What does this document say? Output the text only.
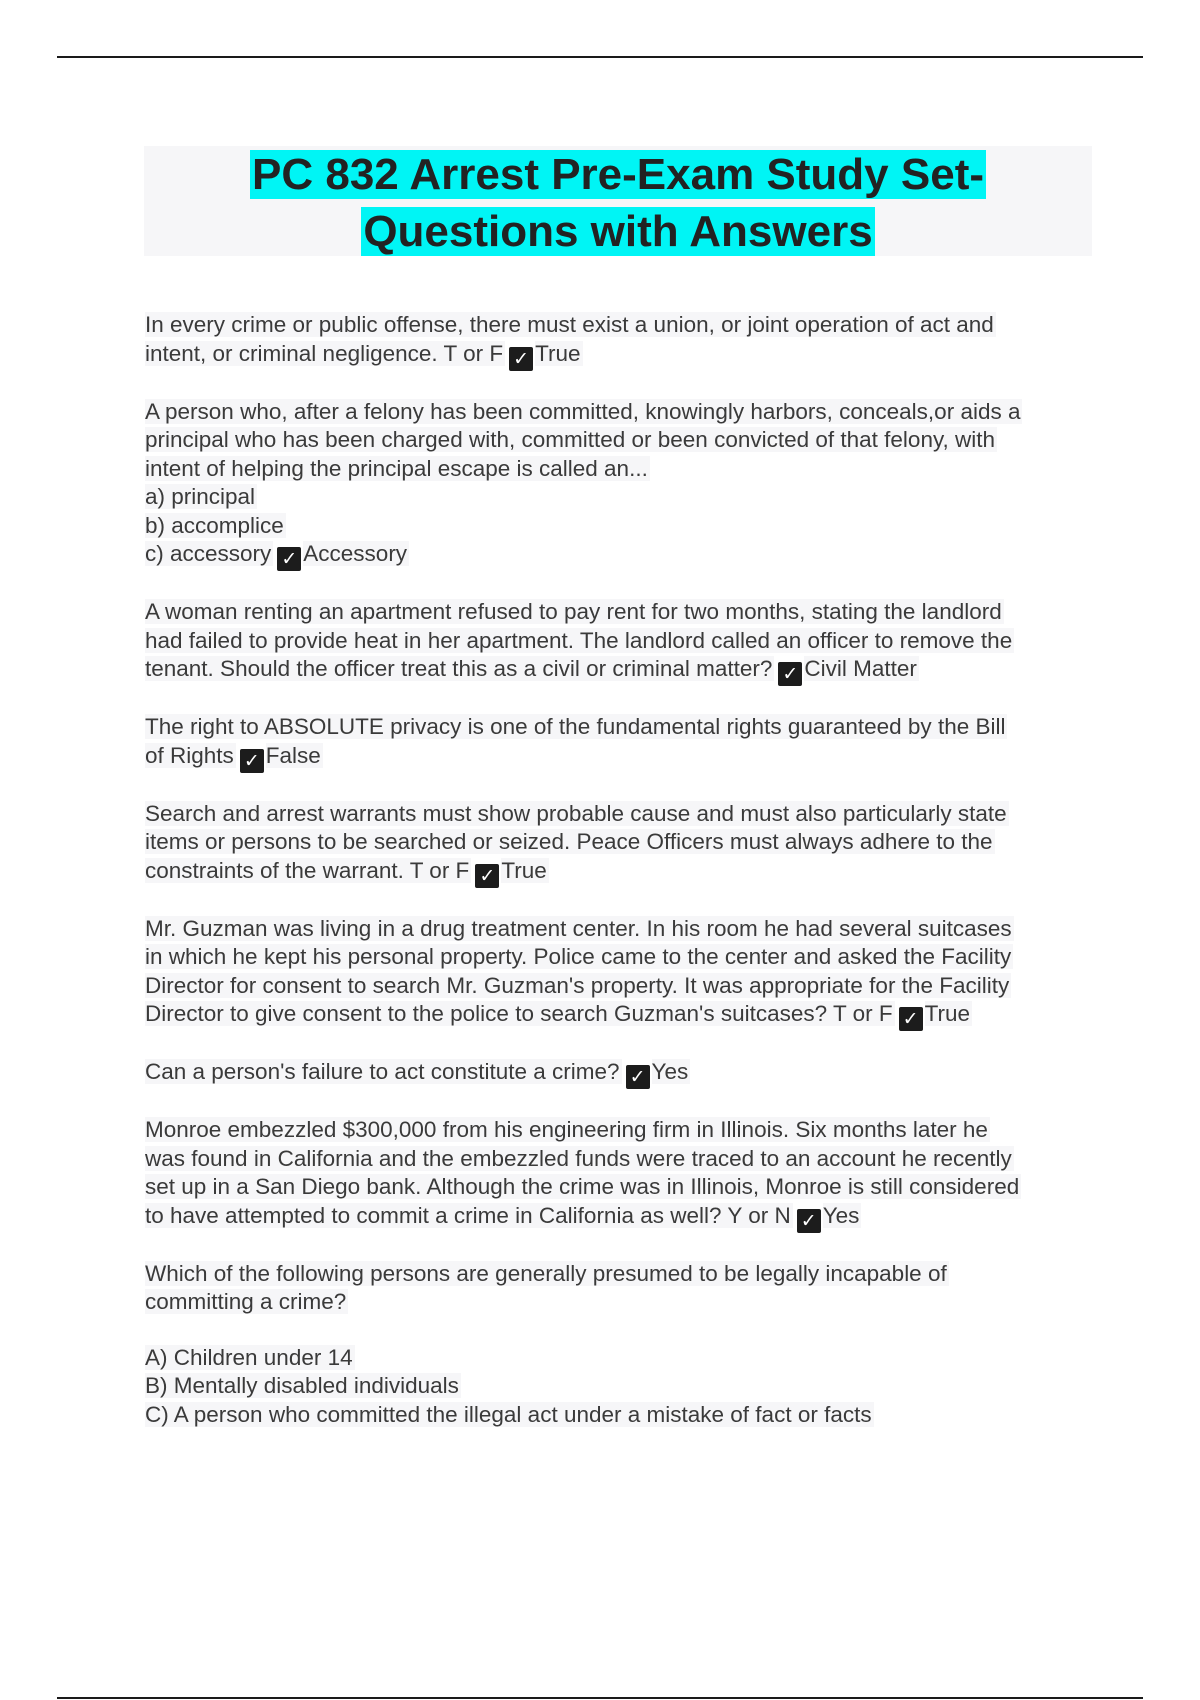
PC 832 Arrest Pre-Exam Study Set-
Questions with Answers

In every crime or public offense, there must exist a union, or joint operation of act and
intent, or criminal negligence. T or F ✓ True

A person who, after a felony has been committed, knowingly harbors, conceals,or aids a
principal who has been charged with, committed or been convicted of that felony, with
intent of helping the principal escape is called an...
a) principal
b) accomplice
c) accessory ✓ Accessory

A woman renting an apartment refused to pay rent for two months, stating the landlord
had failed to provide heat in her apartment. The landlord called an officer to remove the
tenant. Should the officer treat this as a civil or criminal matter? ✓ Civil Matter

The right to ABSOLUTE privacy is one of the fundamental rights guaranteed by the Bill
of Rights ✓ False

Search and arrest warrants must show probable cause and must also particularly state
items or persons to be searched or seized. Peace Officers must always adhere to the
constraints of the warrant. T or F ✓ True

Mr. Guzman was living in a drug treatment center. In his room he had several suitcases
in which he kept his personal property. Police came to the center and asked the Facility
Director for consent to search Mr. Guzman's property. It was appropriate for the Facility
Director to give consent to the police to search Guzman's suitcases? T or F ✓ True

Can a person's failure to act constitute a crime? ✓ Yes

Monroe embezzled $300,000 from his engineering firm in Illinois. Six months later he
was found in California and the embezzled funds were traced to an account he recently
set up in a San Diego bank. Although the crime was in Illinois, Monroe is still considered
to have attempted to commit a crime in California as well? Y or N ✓ Yes

Which of the following persons are generally presumed to be legally incapable of
committing a crime?

A) Children under 14
B) Mentally disabled individuals
C) A person who committed the illegal act under a mistake of fact or facts
